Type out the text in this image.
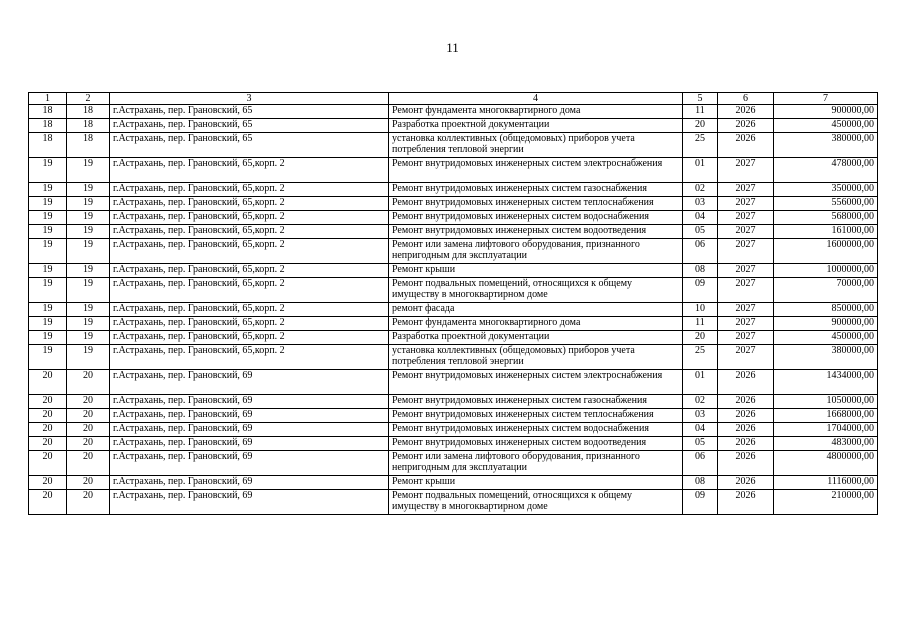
11
1	2	3	4	5	6	7
18	18	г.Астрахань, пер. Грановский, 65	Ремонт фундамента многоквартирного дома	11	2026	900000,00
18	18	г.Астрахань, пер. Грановский, 65	Разработка проектной документации	20	2026	450000,00
18	18	г.Астрахань, пер. Грановский, 65	установка коллективных (общедомовых) приборов учета потребления тепловой энергии	25	2026	380000,00
19	19	г.Астрахань, пер. Грановский, 65,корп. 2	Ремонт внутридомовых инженерных систем электроснабжения	01	2027	478000,00
19	19	г.Астрахань, пер. Грановский, 65,корп. 2	Ремонт внутридомовых инженерных систем газоснабжения	02	2027	350000,00
19	19	г.Астрахань, пер. Грановский, 65,корп. 2	Ремонт внутридомовых инженерных систем теплоснабжения	03	2027	556000,00
19	19	г.Астрахань, пер. Грановский, 65,корп. 2	Ремонт внутридомовых инженерных систем водоснабжения	04	2027	568000,00
19	19	г.Астрахань, пер. Грановский, 65,корп. 2	Ремонт внутридомовых инженерных систем водоотведения	05	2027	161000,00
19	19	г.Астрахань, пер. Грановский, 65,корп. 2	Ремонт или замена лифтового оборудования, признанного непригодным для эксплуатации	06	2027	1600000,00
19	19	г.Астрахань, пер. Грановский, 65,корп. 2	Ремонт крыши	08	2027	1000000,00
19	19	г.Астрахань, пер. Грановский, 65,корп. 2	Ремонт подвальных помещений, относящихся к общему имуществу в многоквартирном доме	09	2027	70000,00
19	19	г.Астрахань, пер. Грановский, 65,корп. 2	ремонт фасада	10	2027	850000,00
19	19	г.Астрахань, пер. Грановский, 65,корп. 2	Ремонт фундамента многоквартирного дома	11	2027	900000,00
19	19	г.Астрахань, пер. Грановский, 65,корп. 2	Разработка проектной документации	20	2027	450000,00
19	19	г.Астрахань, пер. Грановский, 65,корп. 2	установка коллективных (общедомовых) приборов учета потребления тепловой энергии	25	2027	380000,00
20	20	г.Астрахань, пер. Грановский, 69	Ремонт внутридомовых инженерных систем электроснабжения	01	2026	1434000,00
20	20	г.Астрахань, пер. Грановский, 69	Ремонт внутридомовых инженерных систем газоснабжения	02	2026	1050000,00
20	20	г.Астрахань, пер. Грановский, 69	Ремонт внутридомовых инженерных систем теплоснабжения	03	2026	1668000,00
20	20	г.Астрахань, пер. Грановский, 69	Ремонт внутридомовых инженерных систем водоснабжения	04	2026	1704000,00
20	20	г.Астрахань, пер. Грановский, 69	Ремонт внутридомовых инженерных систем водоотведения	05	2026	483000,00
20	20	г.Астрахань, пер. Грановский, 69	Ремонт или замена лифтового оборудования, признанного непригодным для эксплуатации	06	2026	4800000,00
20	20	г.Астрахань, пер. Грановский, 69	Ремонт крыши	08	2026	1116000,00
20	20	г.Астрахань, пер. Грановский, 69	Ремонт подвальных помещений, относящихся к общему имуществу в многоквартирном доме	09	2026	210000,00
